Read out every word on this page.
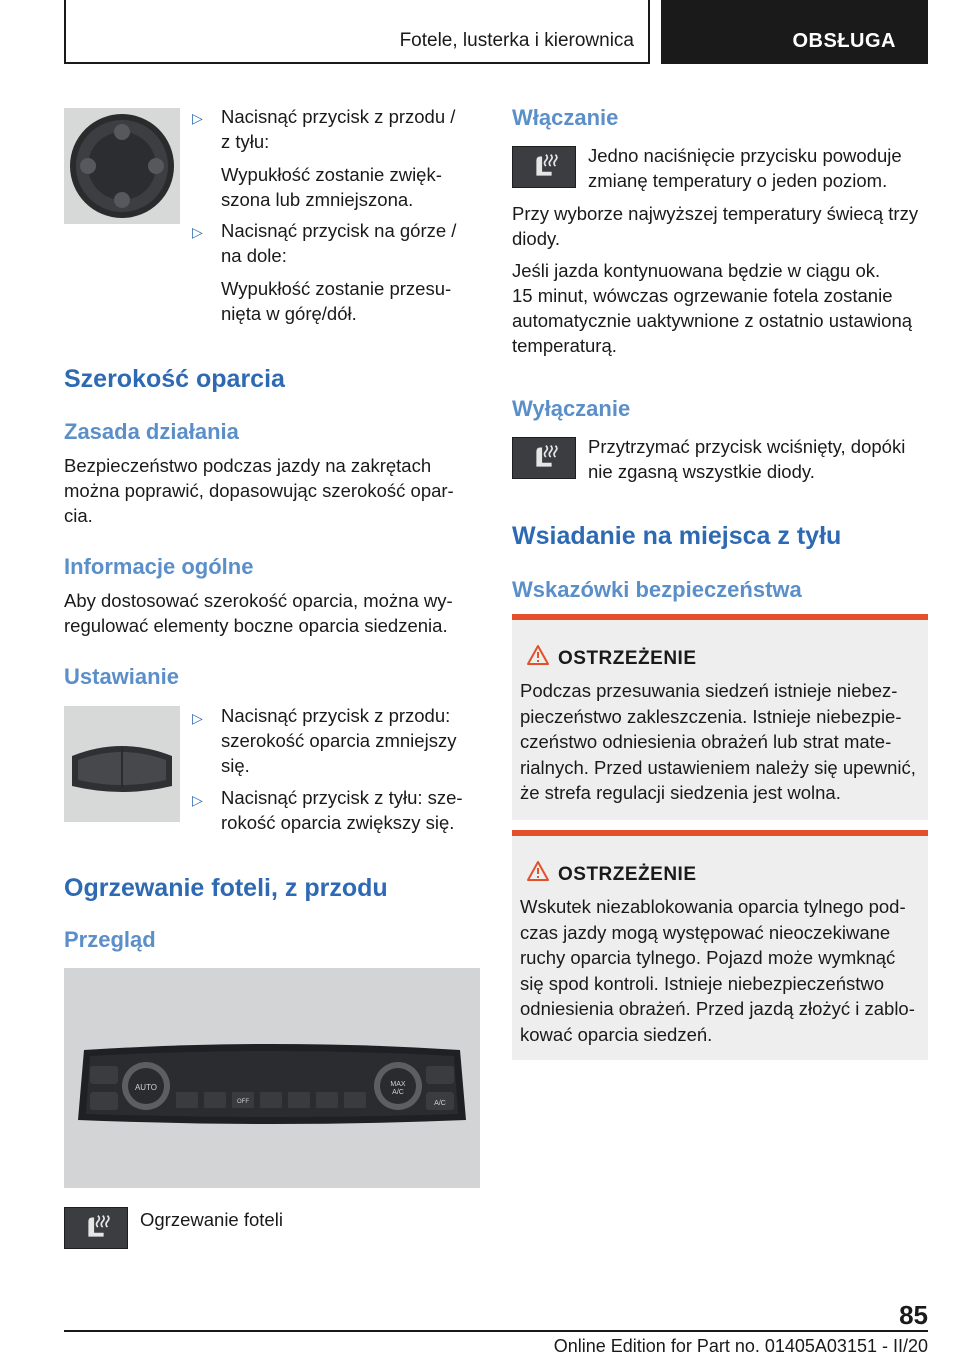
Fotele, lusterka i kierownica	OBSŁUGA
▷ Nacisnąć przycisk z przodu /
z tyłu:
Wypukłość zostanie zwięk-
szona lub zmniejszona.
▷ Nacisnąć przycisk na górze /
na dole:
Wypukłość zostanie przesu-
nięta w górę/dół.
Szerokość oparcia
Zasada działania
Bezpieczeństwo podczas jazdy na zakrętach
można poprawić, dopasowując szerokość opar-
cia.
Informacje ogólne
Aby dostosować szerokość oparcia, można wy-
regulować elementy boczne oparcia siedzenia.
Ustawianie
▷ Nacisnąć przycisk z przodu:
szerokość oparcia zmniejszy
się.
▷ Nacisnąć przycisk z tyłu: sze-
rokość oparcia zwiększy się.
Ogrzewanie foteli, z przodu
Przegląd
AUTO	MAX
A/C
A/C
OFF
Ogrzewanie foteli
Włączanie
Jedno naciśnięcie przycisku powoduje
zmianę temperatury o jeden poziom.
Przy wyborze najwyższej temperatury świecą trzy
diody.
Jeśli jazda kontynuowana będzie w ciągu ok.
15 minut, wówczas ogrzewanie fotela zostanie
automatycznie uaktywnione z ostatnio ustawioną
temperaturą.
Wyłączanie
Przytrzymać przycisk wciśnięty, dopóki
nie zgasną wszystkie diody.
Wsiadanie na miejsca z tyłu
Wskazówki bezpieczeństwa
OSTRZEŻENIE
Podczas przesuwania siedzeń istnieje niebez-
pieczeństwo zakleszczenia. Istnieje niebezpie-
czeństwo odniesienia obrażeń lub strat mate-
rialnych. Przed ustawieniem należy się upewnić,
że strefa regulacji siedzenia jest wolna.
OSTRZEŻENIE
Wskutek niezablokowania oparcia tylnego pod-
czas jazdy mogą występować nieoczekiwane
ruchy oparcia tylnego. Pojazd może wymknąć
się spod kontroli. Istnieje niebezpieczeństwo
odniesienia obrażeń. Przed jazdą złożyć i zablo-
kować oparcia siedzeń.
85
Online Edition for Part no. 01405A03151 - II/20
